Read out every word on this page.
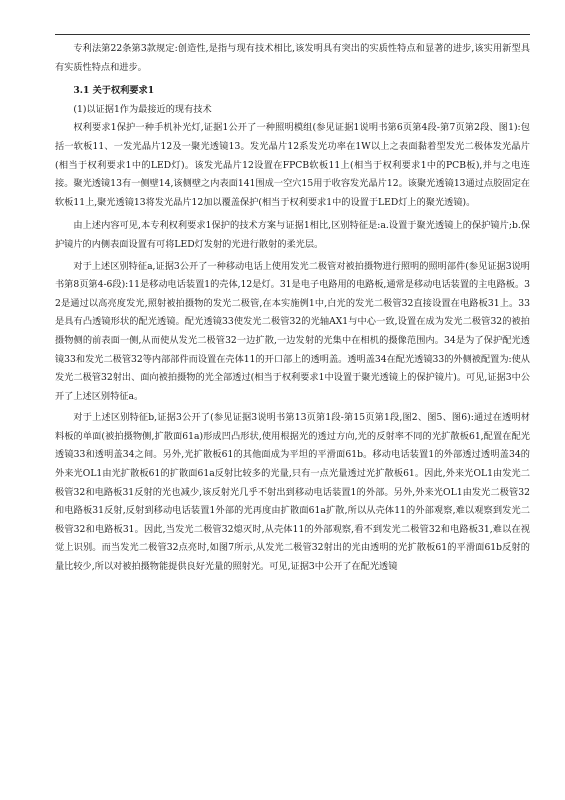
专利法第22条第3款规定:创造性,是指与现有技术相比,该发明具有突出的实质性特点和显著的进步,该实用新型具有实质性特点和进步。

3.1 关于权利要求1

(1)以证据1作为最接近的现有技术

权利要求1保护一种手机补光灯,证据1公开了一种照明模组(参见证据1说明书第6页第4段-第7页第2段、图1):包括一软板11、一发光晶片12及一聚光透镜13。发光晶片12系发光功率在1W以上之表面黏着型发光二极体发光晶片(相当于权利要求1中的LED灯)。该发光晶片12设置在FPCB软板11上(相当于权利要求1中的PCB板),并与之电连接。聚光透镜13有一侧壁14,该侧壁之内表面141围成一空穴15用于收容发光晶片12。该聚光透镜13通过点胶固定在软板11上,聚光透镜13将发光晶片12加以覆盖保护(相当于权利要求1中的设置于LED灯上的聚光透镜)。

由上述内容可见,本专利权利要求1保护的技术方案与证据1相比,区别特征是:a.设置于聚光透镜上的保护镜片;b.保护镜片的内侧表面设置有可将LED灯发射的光进行散射的柔光层。

对于上述区别特征a,证据3公开了一种移动电话上使用发光二极管对被拍摄物进行照明的照明部件(参见证据3说明书第8页第4-6段):11是移动电话装置1的壳体,12是灯。31是电子电路用的电路板,通常是移动电话装置的主电路板。32是通过以高亮度发光,照射被拍摄物的发光二极管,在本实施例1中,白光的发光二极管32直接设置在电路板31上。33是具有凸透镜形状的配光透镜。配光透镜33使发光二极管32的光轴AX1与中心一致,设置在成为发光二极管32的被拍摄物侧的前表面一侧,从而使从发光二极管32一边扩散,一边发射的光集中在相机的摄像范围内。34是为了保护配光透镜33和发光二极管32等内部部件而设置在壳体11的开口部上的透明盖。透明盖34在配光透镜33的外侧被配置为:使从发光二极管32射出、面向被拍摄物的光全部透过(相当于权利要求1中设置于聚光透镜上的保护镜片)。可见,证据3中公开了上述区别特征a。

对于上述区别特征b,证据3公开了(参见证据3说明书第13页第1段-第15页第1段,图2、图5、图6):通过在透明材料板的单面(被拍摄物侧,扩散面61a)形成凹凸形状,使用根据光的透过方向,光的反射率不同的光扩散板61,配置在配光透镜33和透明盖34之间。另外,光扩散板61的其他面成为平坦的平滑面61b。移动电话装置1的外部透过透明盖34的外来光OL1由光扩散板61的扩散面61a反射比较多的光量,只有一点光量透过光扩散板61。因此,外来光OL1由发光二极管32和电路板31反射的光也减少,该反射光几乎不射出到移动电话装置1的外部。另外,外来光OL1由发光二极管32和电路板31反射,反射到移动电话装置1外部的光再度由扩散面61a扩散,所以从壳体11的外部观察,难以观察到发光二极管32和电路板31。因此,当发光二极管32熄灭时,从壳体11的外部观察,看不到发光二极管32和电路板31,难以在视觉上识别。而当发光二极管32点亮时,如图7所示,从发光二极管32射出的光由透明的光扩散板61的平滑面61b反射的量比较少,所以对被拍摄物能提供良好光量的照射光。可见,证据3中公开了在配光透镜
